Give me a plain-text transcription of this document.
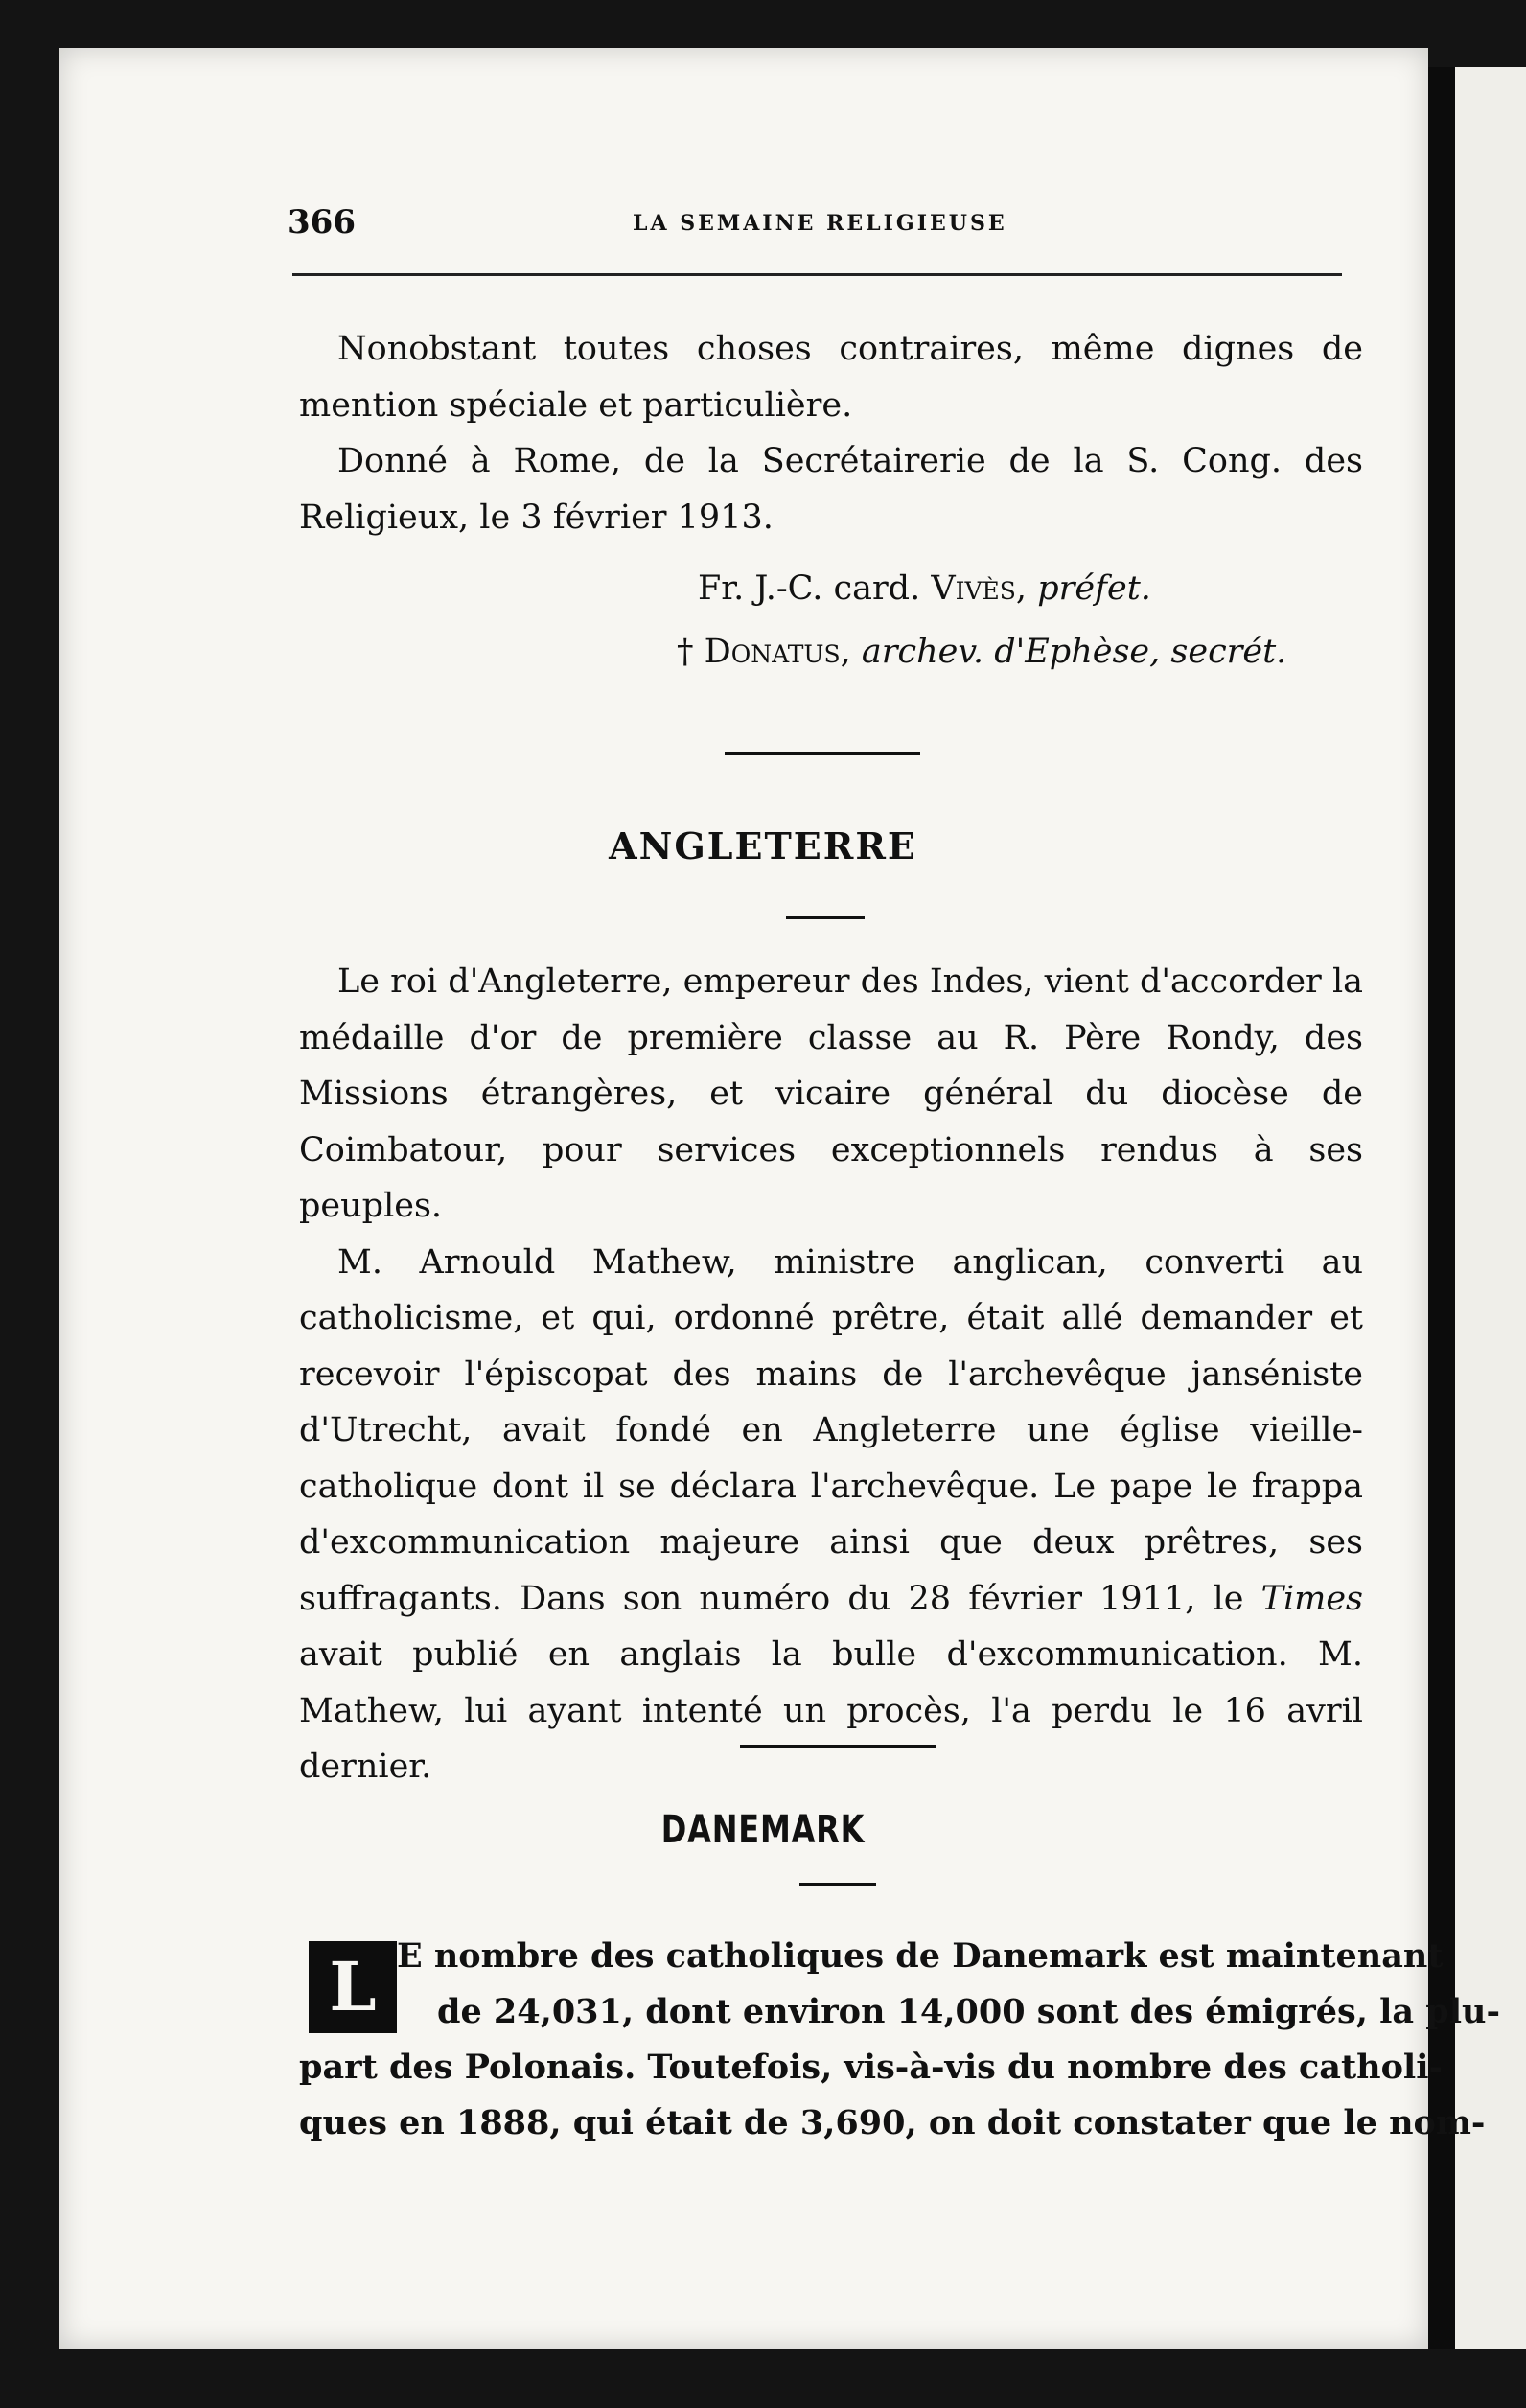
366	LA SEMAINE RELIGIEUSE

Nonobstant toutes choses contraires, même dignes de mention spéciale et particulière.

Donné à Rome, de la Secrétairerie de la S. Cong. des Religieux, le 3 février 1913.

Fr. J.-C. card. Vivès, préfet.
† Donatus, archev. d'Ephèse, secrét.
ANGLETERRE

Le roi d'Angleterre, empereur des Indes, vient d'accorder la médaille d'or de première classe au R. Père Rondy, des Missions étrangères, et vicaire général du diocèse de Coimbatour, pour services exceptionnels rendus à ses peuples.

M. Arnould Mathew, ministre anglican, converti au catholicisme, et qui, ordonné prêtre, était allé demander et recevoir l'épiscopat des mains de l'archevêque janséniste d'Utrecht, avait fondé en Angleterre une église vieille-catholique dont il se déclara l'archevêque. Le pape le frappa d'excommunication majeure ainsi que deux prêtres, ses suffragants. Dans son numéro du 28 février 1911, le Times avait publié en anglais la bulle d'excommunication. M. Mathew, lui ayant intenté un procès, l'a perdu le 16 avril dernier.

DANEMARK
L E nombre des catholiques de Danemark est maintenant
de 24,031, dont environ 14,000 sont des émigrés, la plu-
part des Polonais. Toutefois, vis-à-vis du nombre des catholi-
ques en 1888, qui était de 3,690, on doit constater que le nom-
